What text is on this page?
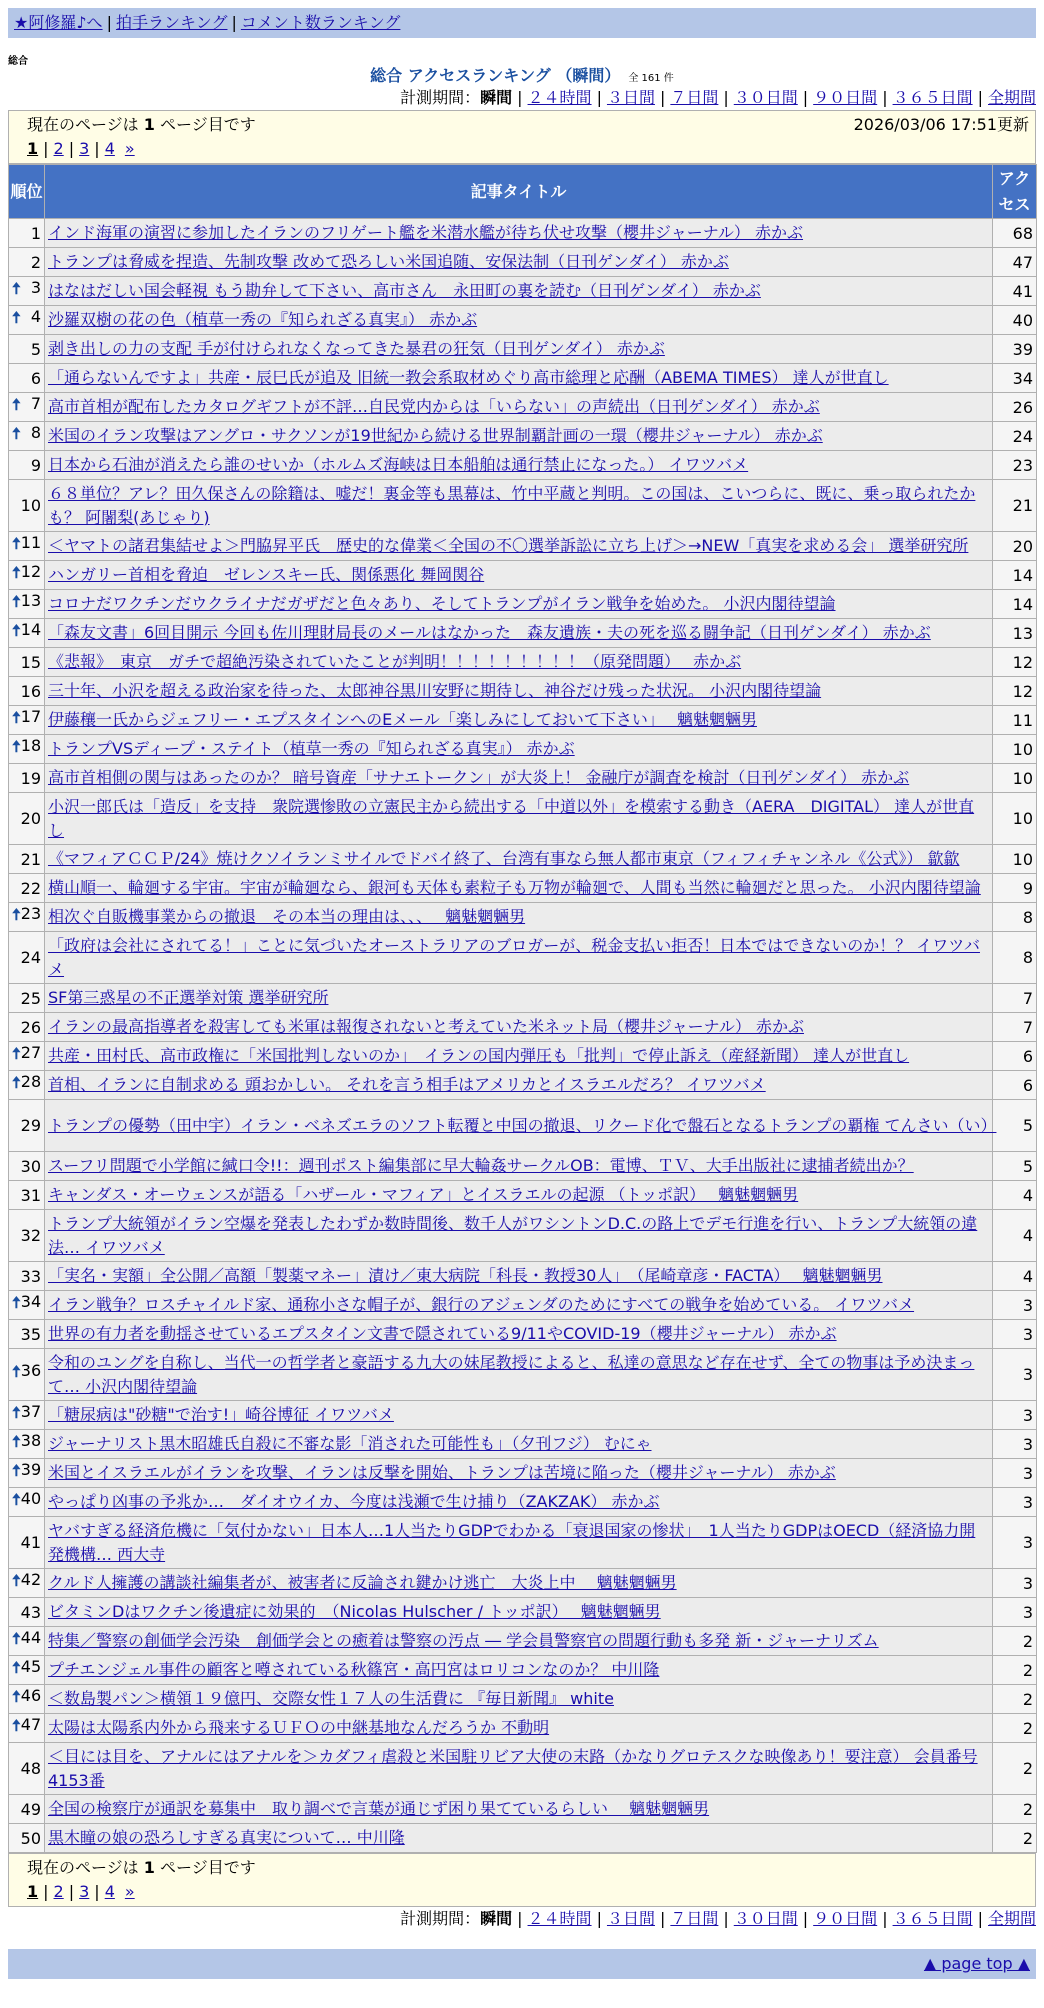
★阿修羅♪へ | 拍手ランキング | コメント数ランキング
総合
総合 アクセスランキング （瞬間） 全 161 件
計測期間：瞬間 | ２４時間 | ３日間 | ７日間 | ３０日間 | ９０日間 | ３６５日間 | 全期間
現在のページは 1 ページ目です	2026/03/06 17:51更新
1 | 2 | 3 | 4 »
順位	記事タイトル	アクセス
1	インド海軍の演習に参加したイランのフリゲート艦を米潜水艦が待ち伏せ攻撃（櫻井ジャーナル） 赤かぶ	68
2	トランプは脅威を捏造、先制攻撃 改めて恐ろしい米国追随、安保法制（日刊ゲンダイ） 赤かぶ	47

🠅 3	はなはだしい国会軽視 もう勘弁して下さい、高市さん　永田町の裏を読む（日刊ゲンダイ） 赤かぶ	41

🠅 4	沙羅双樹の花の色（植草一秀の『知られざる真実』） 赤かぶ	40
5	剥き出しの力の支配 手が付けられなくなってきた暴君の狂気（日刊ゲンダイ） 赤かぶ	39
6	「通らないんですよ」共産・辰巳氏が追及 旧統一教会系取材めぐり高市総理と応酬（ABEMA TIMES） 達人が世直し	34

🠅 7	高市首相が配布したカタログギフトが不評…自民党内からは「いらない」の声続出（日刊ゲンダイ） 赤かぶ	26

🠅 8	米国のイラン攻撃はアングロ・サクソンが19世紀から続ける世界制覇計画の一環（櫻井ジャーナル） 赤かぶ	24
9	日本から石油が消えたら誰のせいか（ホルムズ海峡は日本船舶は通行禁止になった。） イワツバメ	23
10	６８単位？アレ？田久保さんの除籍は、嘘だ！裏金等も黒幕は、竹中平蔵と判明。この国は、こいつらに、既に、乗っ取られたかも？ 阿闍梨(あじゃり)	21

🠅 11	＜ヤマトの諸君集結せよ＞門脇昇平氏　歴史的な偉業＜全国の不〇選挙訴訟に立ち上げ＞→NEW「真実を求める会」 選挙研究所	20

🠅 12	ハンガリー首相を脅迫　ゼレンスキー氏、関係悪化 舞岡関谷	14

🠅 13	コロナだワクチンだウクライナだガザだと色々あり、そしてトランプがイラン戦争を始めた。 小沢内閣待望論	14

🠅 14	「森友文書」6回目開示 今回も佐川理財局長のメールはなかった　森友遺族・夫の死を巡る闘争記（日刊ゲンダイ） 赤かぶ	13
15	《悲報》　東京　ガチで超絶汚染されていたことが判明！！！！！！！！！（原発問題）　 赤かぶ	12
16	三十年、小沢を超える政治家を待った、太郎神谷黒川安野に期待し、神谷だけ残った状況。 小沢内閣待望論	12

🠅 17	伊藤穰一氏からジェフリー・エプスタインへのEメール「楽しみにしておいて下さい」　 魑魅魍魎男	11

🠅 18	トランプVSディープ・ステイト（植草一秀の『知られざる真実』） 赤かぶ	10
19	高市首相側の関与はあったのか？ 暗号資産「サナエトークン」が大炎上！ 金融庁が調査を検討（日刊ゲンダイ） 赤かぶ	10
20	小沢一郎氏は「造反」を支持　衆院選惨敗の立憲民主から続出する「中道以外」を模索する動き（AERA　DIGITAL） 達人が世直し	10
21	《マフィアＣＣＰ/24》焼けクソイランミサイルでドバイ終了、台湾有事なら無人都市東京（フィフィチャンネル《公式》） 歙歙	10
22	横山順一、輪廻する宇宙。宇宙が輪廻なら、銀河も天体も素粒子も万物が輪廻で、人間も当然に輪廻だと思った。 小沢内閣待望論	9

🠅 23	相次ぐ自販機事業からの撤退　その本当の理由は、、、　 魑魅魍魎男	8
24	「政府は会社にされてる！」ことに気づいたオーストラリアのブロガーが、税金支払い拒否！日本ではできないのか！？ イワツバメ	8
25	SF第三惑星の不正選挙対策 選挙研究所	7
26	イランの最高指導者を殺害しても米軍は報復されないと考えていた米ネット局（櫻井ジャーナル） 赤かぶ	7

🠅 27	共産・田村氏、高市政権に「米国批判しないのか」　イランの国内弾圧も「批判」で停止訴え（産経新聞） 達人が世直し	6

🠅 28	首相、イランに自制求める 頭おかしい。 それを言う相手はアメリカとイスラエルだろ？ イワツバメ	6
29	トランプの優勢（田中宇）イラン・ベネズエラのソフト転覆と中国の撤退、リクード化で盤石となるトランプの覇権 てんさい（い）	5
30	スーフリ問題で小学館に緘口令!!：週刊ポスト編集部に早大輪姦サークルOB：電博、ＴＶ、大手出版社に逮捕者続出か？	5
31	キャンダス・オーウェンスが語る「ハザール・マフィア」とイスラエルの起源 （トッポ訳）　 魑魅魍魎男	4
32	トランプ大統領がイラン空爆を発表したわずか数時間後、数千人がワシントンD.C.の路上でデモ行進を行い、トランプ大統領の違法… イワツバメ	4
33	「実名・実額」全公開／高額「製薬マネー」漬け／東大病院「科長・教授30人」　（尾崎章彦・FACTA）　 魑魅魍魎男	4

🠅 34	イラン戦争？ロスチャイルド家、通称小さな帽子が、銀行のアジェンダのためにすべての戦争を始めている。 イワツバメ	3
35	世界の有力者を動揺させているエプスタイン文書で隠されている9/11やCOVID-19（櫻井ジャーナル） 赤かぶ	3

🠅 36	令和のユングを自称し、当代一の哲学者と豪語する九大の妹尾教授によると、私達の意思など存在せず、全ての物事は予め決まって… 小沢内閣待望論	3

🠅 37	「糖尿病は"砂糖"で治す!」崎谷博征 イワツバメ	3

🠅 38	ジャーナリスト黒木昭雄氏自殺に不審な影「消された可能性も」（夕刊フジ） むにゃ	3

🠅 39	米国とイスラエルがイランを攻撃、イランは反撃を開始、トランプは苦境に陥った（櫻井ジャーナル） 赤かぶ	3

🠅 40	やっぱり凶事の予兆か…　ダイオウイカ、今度は浅瀬で生け捕り（ZAKZAK） 赤かぶ	3
41	ヤバすぎる経済危機に「気付かない」日本人…1人当たりGDPでわかる「衰退国家の惨状」　1人当たりGDPはOECD（経済協力開発機構… 西大寺	3

🠅 42	クルド人擁護の講談社編集者が、被害者に反論され鍵かけ逃亡　大炎上中　 魑魅魍魎男	3
43	ビタミンDはワクチン後遺症に効果的　（Nicolas Hulscher / トッポ訳）　 魑魅魍魎男	3

🠅 44	特集／警察の創価学会汚染　創価学会との癒着は警察の汚点 ― 学会員警察官の問題行動も多発 新・ジャーナリズム	2

🠅 45	プチエンジェル事件の顧客と噂されている秋篠宮・高円宮はロリコンなのか？ 中川隆	2

🠅 46	＜数島製パン＞横領１９億円、交際女性１７人の生活費に 『毎日新聞』 white	2

🠅 47	太陽は太陽系内外から飛来するＵＦＯの中継基地なんだろうか 不動明	2
48	＜目には目を、アナルにはアナルを＞カダフィ虐殺と米国駐リビア大使の末路（かなりグロテスクな映像あり！要注意） 会員番号4153番	2
49	全国の検察庁が通訳を募集中　取り調べで言葉が通じず困り果てているらしい　 魑魅魍魎男	2
50	黒木瞳の娘の恐ろしすぎる真実について… 中川隆	2
現在のページは 1 ページ目です
1 | 2 | 3 | 4 »
計測期間：瞬間 | ２４時間 | ３日間 | ７日間 | ３０日間 | ９０日間 | ３６５日間 | 全期間
▲ page top ▲
